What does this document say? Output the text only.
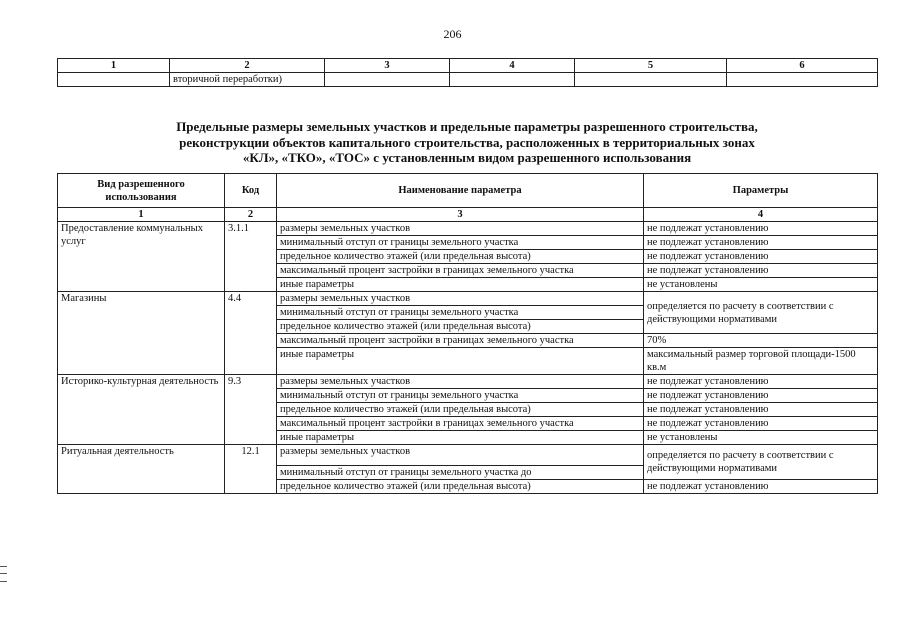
206
1	2	3	4	5	6
	вторичной переработки)				
Предельные размеры земельных участков и предельные параметры разрешенного строительства,
реконструкции объектов капитального строительства, расположенных в территориальных зонах
«КЛ», «ТКО», «ТОС» с установленным видом разрешенного использования
Вид разрешенного использования	Код	Наименование параметра	Параметры
1	2	3	4
Предоставление коммунальных услуг	3.1.1	размеры земельных участков	не подлежат установлению
		минимальный отступ от границы земельного участка	не подлежат установлению
		предельное количество этажей (или предельная высота)	не подлежат установлению
		максимальный процент застройки в границах земельного участка	не подлежат установлению
		иные параметры	не установлены
Магазины	4.4	размеры земельных участков	определяется по расчету в соответствии с действующими нормативами
		минимальный отступ от границы земельного участка	
		предельное количество этажей (или предельная высота)	
		максимальный процент застройки в границах земельного участка	70%
		иные параметры	максимальный размер торговой площади-1500 кв.м
Историко-культурная деятельность	9.3	размеры земельных участков	не подлежат установлению
		минимальный отступ от границы земельного участка	не подлежат установлению
		предельное количество этажей (или предельная высота)	не подлежат установлению
		максимальный процент застройки в границах земельного участка	не подлежат установлению
		иные параметры	не установлены
Ритуальная деятельность	12.1	размеры земельных участков	определяется по расчету в соответствии с действующими нормативами
		минимальный отступ от границы земельного участка до	
		предельное количество этажей (или предельная высота)	не подлежат установлению
